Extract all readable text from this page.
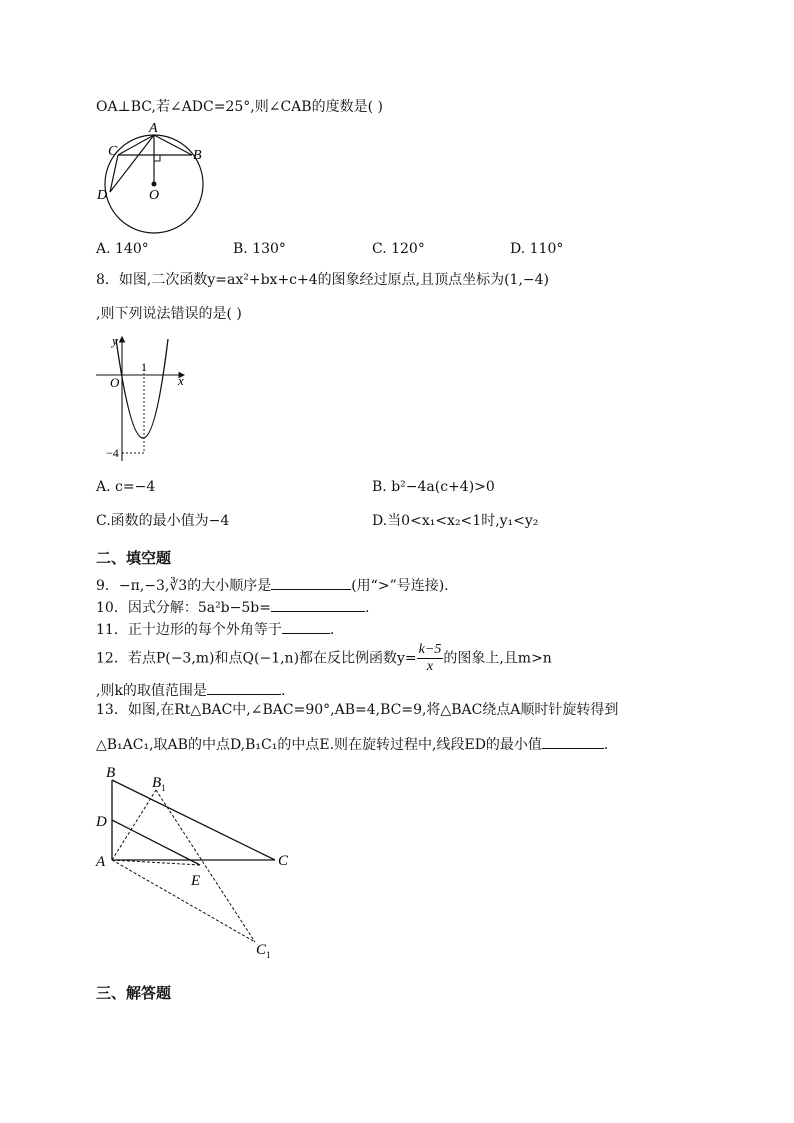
OA⊥BC,若∠ADC=25°,则∠CAB的度数是( )
A
B
C
D	O
A. 140°	B. 130°	C. 120°	D. 110°
8．如图,二次函数y=ax²+bx+c+4的图象经过原点,且顶点坐标为(1,−4)
,则下列说法错误的是( )
y
x
O
1
−4
A. c=−4	B. b²−4a(c+4)>0
C.函数的最小值为−4	D.当0<x₁<x₂<1时,y₁<y₂
二、填空题
9．−π,−3,∛3的大小顺序是	(用“>”号连接).
10．因式分解：5a²b−5b=	.
11．正十边形的每个外角等于	.
12．若点P(−3,m)和点Q(−1,n)都在反比例函数$y= \frac{k-5}{x}$ 的图象上,且m>n
,则k的取值范围是	.
13．如图,在Rt△BAC中,∠BAC=90°,AB=4,BC=9,将△BAC绕点A顺时针旋转得到
△B₁AC₁,取AB的中点D,B₁C₁的中点E.则在旋转过程中,线段ED的最小值	.
B
$B_1$
D
A	C
E
$C_1$
三、解答题
